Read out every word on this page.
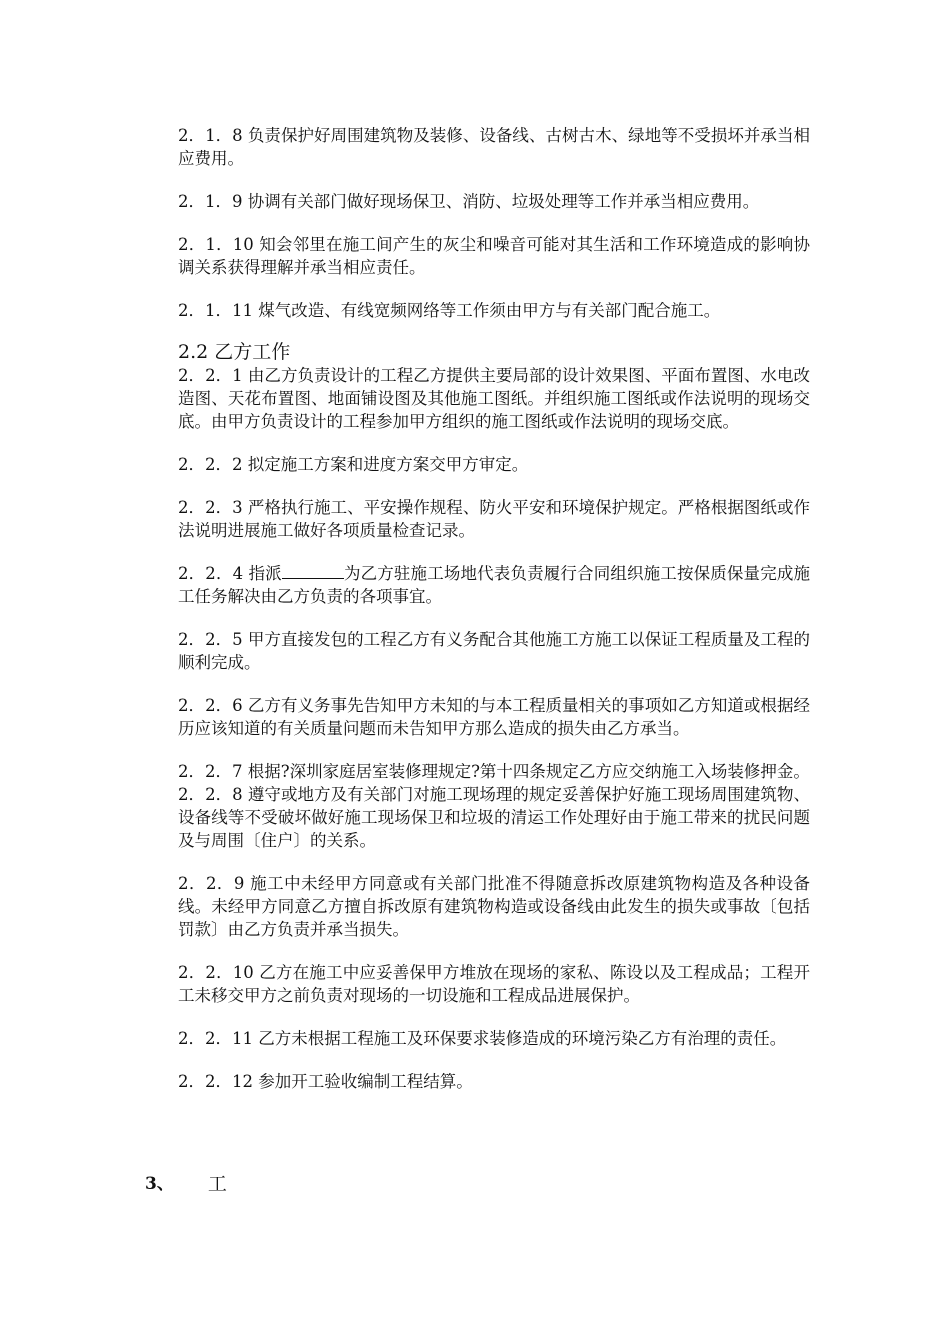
2．1．8 负责保护好周围建筑物及装修、设备线、古树古木、绿地等不受损坏并承当相应费用。

2．1．9 协调有关部门做好现场保卫、消防、垃圾处理等工作并承当相应费用。

2．1．10 知会邻里在施工间产生的灰尘和噪音可能对其生活和工作环境造成的影响协调关系获得理解并承当相应责任。

2．1．11 煤气改造、有线宽频网络等工作须由甲方与有关部门配合施工。

2.2 乙方工作

2．2．1 由乙方负责设计的工程乙方提供主要局部的设计效果图、平面布置图、水电改造图、天花布置图、地面铺设图及其他施工图纸。并组织施工图纸或作法说明的现场交底。由甲方负责设计的工程参加甲方组织的施工图纸或作法说明的现场交底。

2．2．2 拟定施工方案和进度方案交甲方审定。

2．2．3 严格执行施工、平安操作规程、防火平安和环境保护规定。严格根据图纸或作法说明进展施工做好各项质量检查记录。

2．2．4 指派	为乙方驻施工场地代表负责履行合同组织施工按保质保量完成施工任务解决由乙方负责的各项事宜。

2．2．5 甲方直接发包的工程乙方有义务配合其他施工方施工以保证工程质量及工程的顺利完成。

2．2．6 乙方有义务事先告知甲方未知的与本工程质量相关的事项如乙方知道或根据经历应该知道的有关质量问题而未告知甲方那么造成的损失由乙方承当。

2．2．7 根据?深圳家庭居室装修理规定?第十四条规定乙方应交纳施工入场装修押金。

2．2．8 遵守或地方及有关部门对施工现场理的规定妥善保护好施工现场周围建筑物、设备线等不受破坏做好施工现场保卫和垃圾的清运工作处理好由于施工带来的扰民问题及与周围〔住户〕的关系。

2．2．9 施工中未经甲方同意或有关部门批准不得随意拆改原建筑物构造及各种设备线。未经甲方同意乙方擅自拆改原有建筑物构造或设备线由此发生的损失或事故〔包括罚款〕由乙方负责并承当损失。

2．2．10 乙方在施工中应妥善保甲方堆放在现场的家私、陈设以及工程成品；工程开工未移交甲方之前负责对现场的一切设施和工程成品进展保护。

2．2．11 乙方未根据工程施工及环保要求装修造成的环境污染乙方有治理的责任。

2．2．12 参加开工验收编制工程结算。

3、 工
